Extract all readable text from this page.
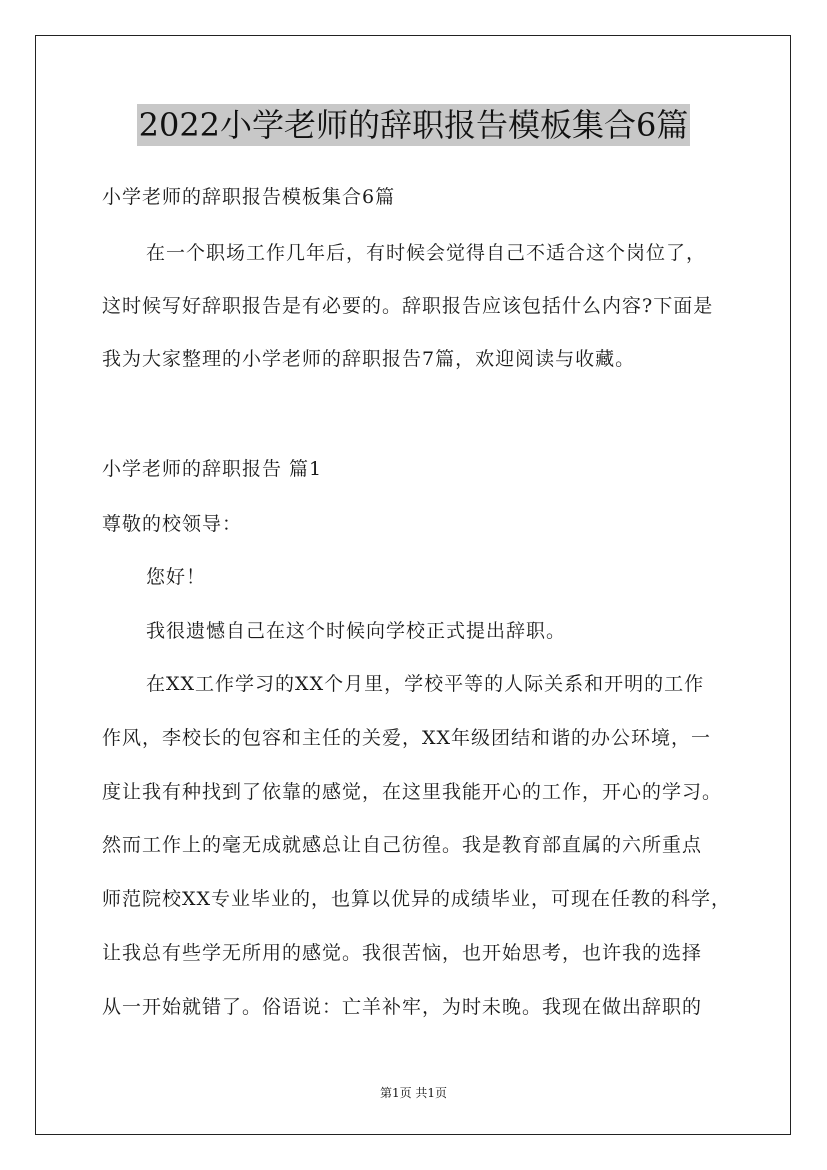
2022小学老师的辞职报告模板集合6篇
小学老师的辞职报告模板集合6篇
在一个职场工作几年后，有时候会觉得自己不适合这个岗位了，
这时候写好辞职报告是有必要的。辞职报告应该包括什么内容?下面是
我为大家整理的小学老师的辞职报告7篇，欢迎阅读与收藏。
小学老师的辞职报告 篇1
尊敬的校领导：
您好！
我很遗憾自己在这个时候向学校正式提出辞职。
在XX工作学习的XX个月里，学校平等的人际关系和开明的工作
作风，李校长的包容和主任的关爱，XX年级团结和谐的办公环境，一
度让我有种找到了依靠的感觉，在这里我能开心的工作，开心的学习。
然而工作上的毫无成就感总让自己彷徨。我是教育部直属的六所重点
师范院校XX专业毕业的，也算以优异的成绩毕业，可现在任教的科学，
让我总有些学无所用的感觉。我很苦恼，也开始思考，也许我的选择
从一开始就错了。俗语说：亡羊补牢，为时未晚。我现在做出辞职的
第1页 共1页
